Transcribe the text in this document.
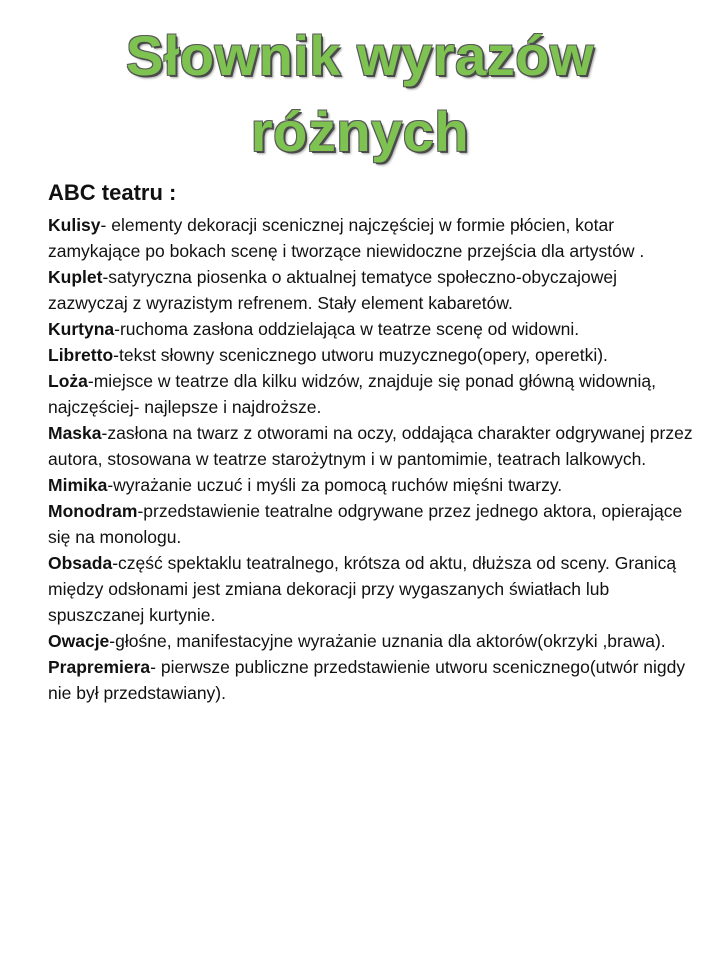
Słownik wyrazów
różnych
ABC teatru :

Kulisy- elementy dekoracji scenicznej najczęściej w formie płócien, kotar zamykające po bokach scenę i tworzące niewidoczne przejścia dla artystów .

Kuplet-satyryczna piosenka o aktualnej tematyce społeczno-obyczajowej zazwyczaj z wyrazistym refrenem. Stały element kabaretów.

Kurtyna-ruchoma zasłona oddzielająca w teatrze scenę od widowni.

Libretto-tekst słowny scenicznego utworu muzycznego(opery, operetki).

Loża-miejsce w teatrze dla kilku widzów, znajduje się ponad główną widownią, najczęściej- najlepsze i najdroższe.

Maska-zasłona na twarz z otworami na oczy, oddająca charakter odgrywanej przez autora, stosowana w teatrze starożytnym i w pantomimie, teatrach lalkowych.

Mimika-wyrażanie uczuć i myśli za pomocą ruchów mięśni twarzy.

Monodram-przedstawienie teatralne odgrywane przez jednego aktora, opierające się na monologu.

Obsada-część spektaklu teatralnego, krótsza od aktu, dłuższa od sceny. Granicą między odsłonami jest zmiana dekoracji przy wygaszanych światłach lub spuszczanej kurtynie.

Owacje-głośne, manifestacyjne wyrażanie uznania dla aktorów(okrzyki ,brawa).

Prapremiera- pierwsze publiczne przedstawienie utworu scenicznego(utwór nigdy nie był przedstawiany).
